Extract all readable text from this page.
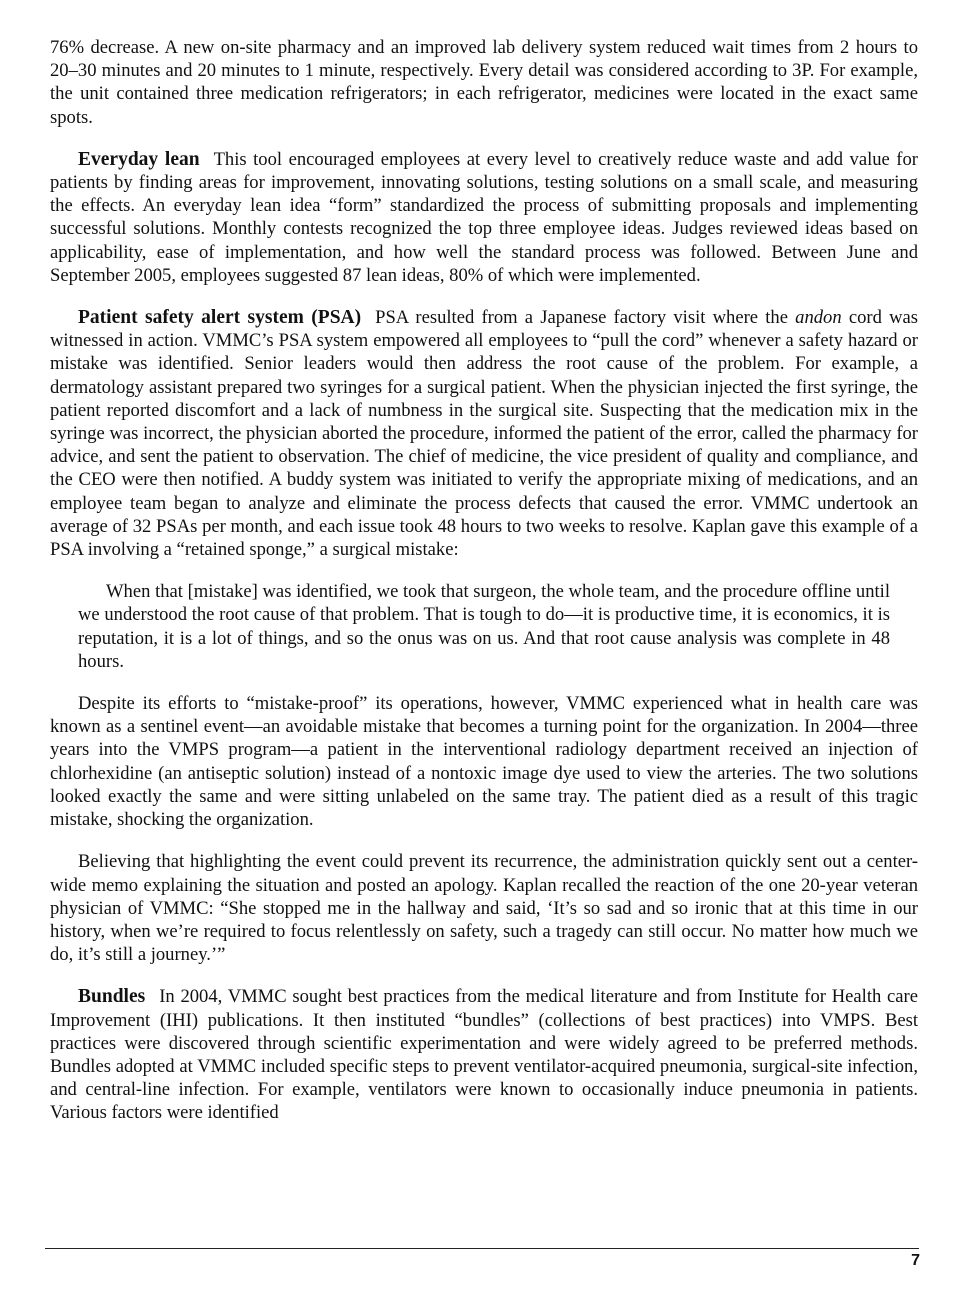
76% decrease. A new on-site pharmacy and an improved lab delivery system reduced wait times from 2 hours to 20–30 minutes and 20 minutes to 1 minute, respectively. Every detail was considered according to 3P. For example, the unit contained three medication refrigerators; in each refrigerator, medicines were located in the exact same spots.

Everyday lean This tool encouraged employees at every level to creatively reduce waste and add value for patients by finding areas for improvement, innovating solutions, testing solutions on a small scale, and measuring the effects. An everyday lean idea “form” standardized the process of submitting proposals and implementing successful solutions. Monthly contests recognized the top three employee ideas. Judges reviewed ideas based on applicability, ease of implementation, and how well the standard process was followed. Between June and September 2005, employees suggested 87 lean ideas, 80% of which were implemented.

Patient safety alert system (PSA) PSA resulted from a Japanese factory visit where the andon cord was witnessed in action. VMMC’s PSA system empowered all employees to “pull the cord” whenever a safety hazard or mistake was identified. Senior leaders would then address the root cause of the problem. For example, a dermatology assistant prepared two syringes for a surgical patient. When the physician injected the first syringe, the patient reported discomfort and a lack of numbness in the surgical site. Suspecting that the medication mix in the syringe was incorrect, the physician aborted the procedure, informed the patient of the error, called the pharmacy for advice, and sent the patient to observation. The chief of medicine, the vice president of quality and compliance, and the CEO were then notified. A buddy system was initiated to verify the appropriate mixing of medications, and an employee team began to analyze and eliminate the process defects that caused the error. VMMC undertook an average of 32 PSAs per month, and each issue took 48 hours to two weeks to resolve. Kaplan gave this example of a PSA involving a “retained sponge,” a surgical mistake:

When that [mistake] was identified, we took that surgeon, the whole team, and the procedure offline until we understood the root cause of that problem. That is tough to do—it is productive time, it is economics, it is reputation, it is a lot of things, and so the onus was on us. And that root cause analysis was complete in 48 hours.

Despite its efforts to “mistake-proof” its operations, however, VMMC experienced what in health care was known as a sentinel event—an avoidable mistake that becomes a turning point for the organization. In 2004—three years into the VMPS program—a patient in the interventional radiology department received an injection of chlorhexidine (an antiseptic solution) instead of a nontoxic image dye used to view the arteries. The two solutions looked exactly the same and were sitting unlabeled on the same tray. The patient died as a result of this tragic mistake, shocking the organization.

Believing that highlighting the event could prevent its recurrence, the administration quickly sent out a center-wide memo explaining the situation and posted an apology. Kaplan recalled the reaction of the one 20-year veteran physician of VMMC: “She stopped me in the hallway and said, ‘It’s so sad and so ironic that at this time in our history, when we’re required to focus relentlessly on safety, such a tragedy can still occur. No matter how much we do, it’s still a journey.’”

Bundles In 2004, VMMC sought best practices from the medical literature and from Institute for Health care Improvement (IHI) publications. It then instituted “bundles” (collections of best practices) into VMPS. Best practices were discovered through scientific experimentation and were widely agreed to be preferred methods. Bundles adopted at VMMC included specific steps to prevent ventilator-acquired pneumonia, surgical-site infection, and central-line infection. For example, ventilators were known to occasionally induce pneumonia in patients. Various factors were identified

7
